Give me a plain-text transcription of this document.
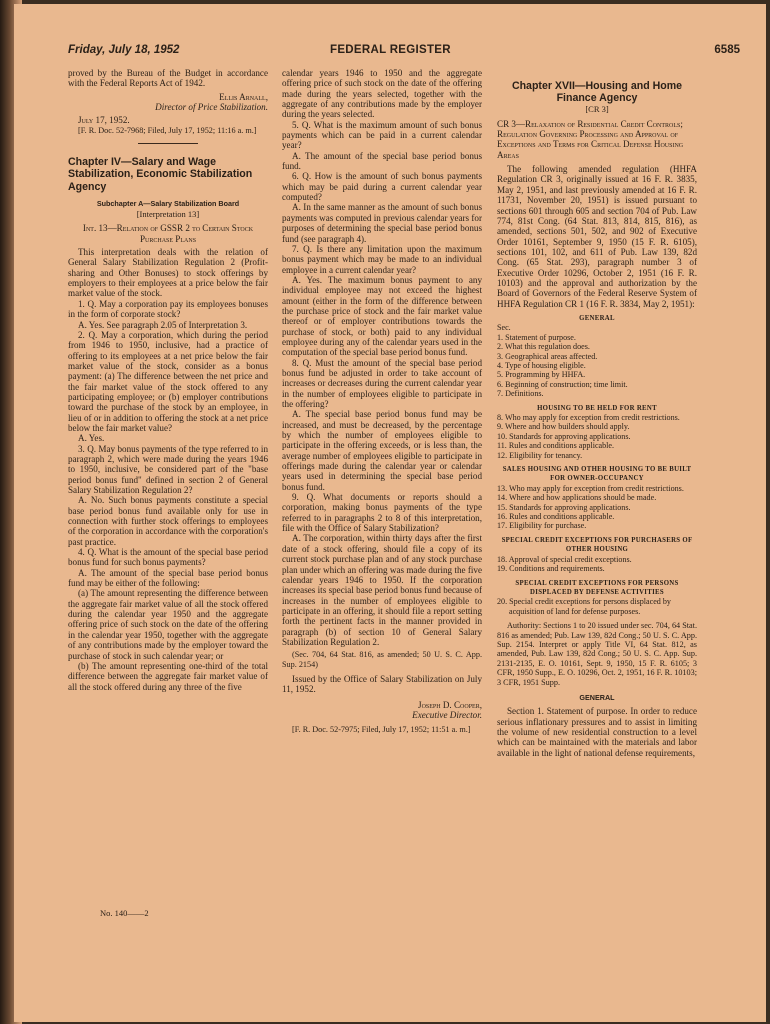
Friday, July 18, 1952	FEDERAL REGISTER	6585

proved by the Bureau of the Budget in accordance with the Federal Reports Act of 1942.

Ellis Arnall,

Director of Price Stabilization.

July 17, 1952.

[F. R. Doc. 52-7968; Filed, July 17, 1952; 11:16 a. m.]

Chapter IV—Salary and Wage Stabilization, Economic Stabilization Agency

Subchapter A—Salary Stabilization Board

[Interpretation 13]

Int. 13—Relation of GSSR 2 to Certain Stock Purchase Plans

This interpretation deals with the relation of General Salary Stabilization Regulation 2 (Profit-sharing and Other Bonuses) to stock offerings by employers to their employees at a price below the fair market value of the stock.

1. Q. May a corporation pay its employees bonuses in the form of corporate stock?

A. Yes. See paragraph 2.05 of Interpretation 3.

2. Q. May a corporation, which during the period from 1946 to 1950, inclusive, had a practice of offering to its employees at a net price below the fair market value of the stock, consider as a bonus payment: (a) The difference between the net price and the fair market value of the stock offered to any participating employee; or (b) employer contributions toward the purchase of the stock by an employee, in lieu of or in addition to offering the stock at a net price below the fair market value?

A. Yes.

3. Q. May bonus payments of the type referred to in paragraph 2, which were made during the years 1946 to 1950, inclusive, be considered part of the "base period bonus fund" defined in section 2 of General Salary Stabilization Regulation 2?

A. No. Such bonus payments constitute a special base period bonus fund available only for use in connection with further stock offerings to employees of the corporation in accordance with the corporation's past practice.

4. Q. What is the amount of the special base period bonus fund for such bonus payments?

A. The amount of the special base period bonus fund may be either of the following:

(a) The amount representing the difference between the aggregate fair market value of all the stock offered during the calendar year 1950 and the aggregate offering price of such stock on the date of the offering in the calendar year 1950, together with the aggregate of any contributions made by the employer toward the purchase of stock in such calendar year; or

(b) The amount representing one-third of the total difference between the aggregate fair market value of all the stock offered during any three of the five

No. 140——2

calendar years 1946 to 1950 and the aggregate offering price of such stock on the date of the offering made during the years selected, together with the aggregate of any contributions made by the employer during the years selected.

5. Q. What is the maximum amount of such bonus payments which can be paid in a current calendar year?

A. The amount of the special base period bonus fund.

6. Q. How is the amount of such bonus payments which may be paid during a current calendar year computed?

A. In the same manner as the amount of such bonus payments was computed in previous calendar years for purposes of determining the special base period bonus fund (see paragraph 4).

7. Q. Is there any limitation upon the maximum bonus payment which may be made to an individual employee in a current calendar year?

A. Yes. The maximum bonus payment to any individual employee may not exceed the highest amount (either in the form of the difference between the purchase price of stock and the fair market value thereof or of employer contributions towards the purchase of stock, or both) paid to any individual employee during any of the calendar years used in the computation of the special base period bonus fund.

8. Q. Must the amount of the special base period bonus fund be adjusted in order to take account of increases or decreases during the current calendar year in the number of employees eligible to participate in the offering?

A. The special base period bonus fund may be increased, and must be decreased, by the percentage by which the number of employees eligible to participate in the offering exceeds, or is less than, the average number of employees eligible to participate in offerings made during the calendar year or calendar years used in determining the special base period bonus fund.

9. Q. What documents or reports should a corporation, making bonus payments of the type referred to in paragraphs 2 to 8 of this interpretation, file with the Office of Salary Stabilization?

A. The corporation, within thirty days after the first date of a stock offering, should file a copy of its current stock purchase plan and of any stock purchase plan under which an offering was made during the five calendar years 1946 to 1950. If the corporation increases its special base period bonus fund because of increases in the number of employees eligible to participate in an offering, it should file a report setting forth the pertinent facts in the manner provided in paragraph (b) of section 10 of General Salary Stabilization Regulation 2.

(Sec. 704, 64 Stat. 816, as amended; 50 U. S. C. App. Sup. 2154)

Issued by the Office of Salary Stabilization on July 11, 1952.

Joseph D. Cooper,

Executive Director.

[F. R. Doc. 52-7975; Filed, July 17, 1952; 11:51 a. m.]

Chapter XVII—Housing and Home Finance Agency

[CR 3]

CR 3—Relaxation of Residential Credit Controls; Regulation Governing Processing and Approval of Exceptions and Terms for Critical Defense Housing Areas

The following amended regulation (HHFA Regulation CR 3, originally issued at 16 F. R. 3835, May 2, 1951, and last previously amended at 16 F. R. 11731, November 20, 1951) is issued pursuant to sections 601 through 605 and section 704 of Pub. Law 774, 81st Cong. (64 Stat. 813, 814, 815, 816), as amended, sections 501, 502, and 902 of Executive Order 10161, September 9, 1950 (15 F. R. 6105), sections 101, 102, and 611 of Pub. Law 139, 82d Cong. (65 Stat. 293), paragraph number 3 of Executive Order 10296, October 2, 1951 (16 F. R. 10103) and the approval and authorization by the Board of Governors of the Federal Reserve System of HHFA Regulation CR 1 (16 F. R. 3834, May 2, 1951):

GENERAL

Sec.

1. Statement of purpose.

2. What this regulation does.

3. Geographical areas affected.

4. Type of housing eligible.

5. Programming by HHFA.

6. Beginning of construction; time limit.

7. Definitions.

HOUSING TO BE HELD FOR RENT

8. Who may apply for exception from credit restrictions.

9. Where and how builders should apply.

10. Standards for approving applications.

11. Rules and conditions applicable.

12. Eligibility for tenancy.

SALES HOUSING AND OTHER HOUSING TO BE BUILT FOR OWNER-OCCUPANCY

13. Who may apply for exception from credit restrictions.

14. Where and how applications should be made.

15. Standards for approving applications.

16. Rules and conditions applicable.

17. Eligibility for purchase.

SPECIAL CREDIT EXCEPTIONS FOR PURCHASERS OF OTHER HOUSING

18. Approval of special credit exceptions.

19. Conditions and requirements.

SPECIAL CREDIT EXCEPTIONS FOR PERSONS DISPLACED BY DEFENSE ACTIVITIES

20. Special credit exceptions for persons displaced by acquisition of land for defense purposes.

Authority: Sections 1 to 20 issued under sec. 704, 64 Stat. 816 as amended; Pub. Law 139, 82d Cong.; 50 U. S. C. App. Sup. 2154. Interpret or apply Title VI, 64 Stat. 812, as amended, Pub. Law 139, 82d Cong.; 50 U. S. C. App. Sup. 2131-2135, E. O. 10161, Sept. 9, 1950, 15 F. R. 6105; 3 CFR, 1950 Supp., E. O. 10296, Oct. 2, 1951, 16 F. R. 10103; 3 CFR, 1951 Supp.

GENERAL

Section 1. Statement of purpose. In order to reduce serious inflationary pressures and to assist in limiting the volume of new residential construction to a level which can be maintained with the materials and labor available in the light of national defense requirements,
